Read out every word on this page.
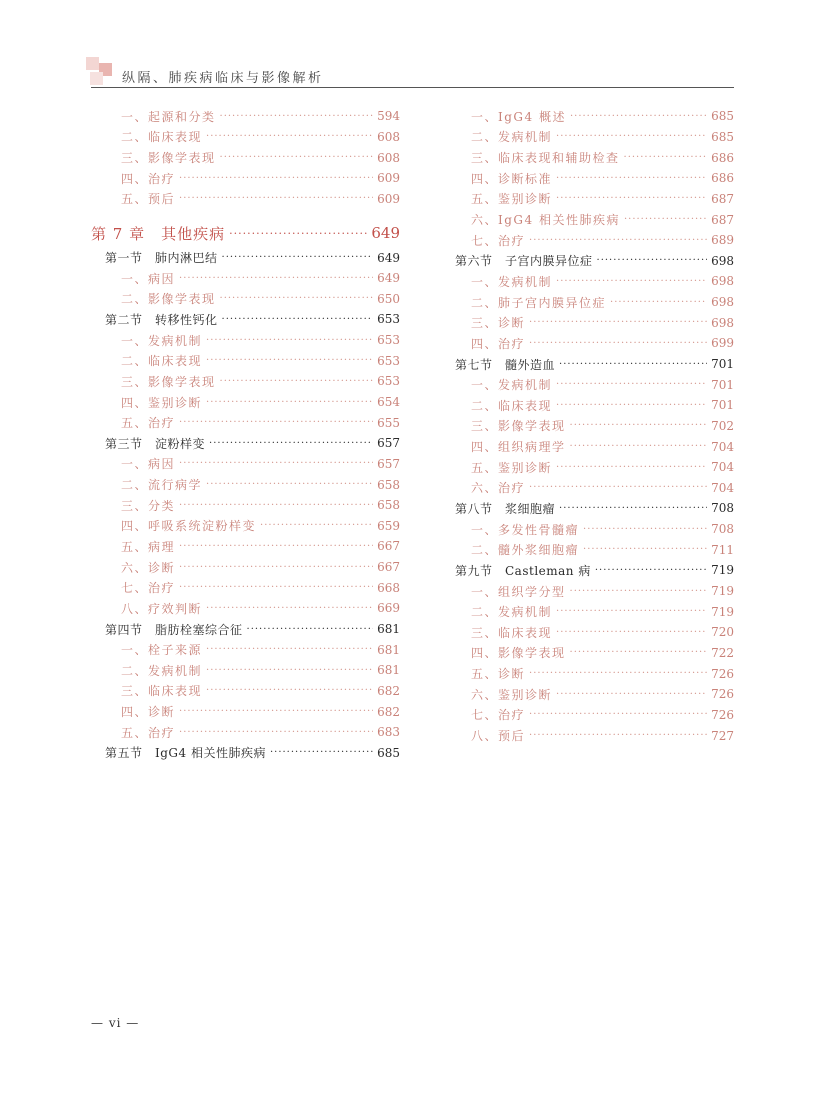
纵隔、肺疾病临床与影像解析
一、起源和分类 ·····	594
二、临床表现 ·····	608
三、影像学表现 ·····	608
四、治疗 ·····	609
五、预后 ·····	609
第 7 章　其他疾病 ·····	649
第一节　肺内淋巴结 ·····	649
一、病因 ·····	649
二、影像学表现 ·····	650
第二节　转移性钙化 ·····	653
一、发病机制 ·····	653
二、临床表现 ·····	653
三、影像学表现 ·····	653
四、鉴别诊断 ·····	654
五、治疗 ·····	655
第三节　淀粉样变 ·····	657
一、病因 ·····	657
二、流行病学 ·····	658
三、分类 ·····	658
四、呼吸系统淀粉样变 ·····	659
五、病理 ·····	667
六、诊断 ·····	667
七、治疗 ·····	668
八、疗效判断 ·····	669
第四节　脂肪栓塞综合征 ·····	681
一、栓子来源 ·····	681
二、发病机制 ·····	681
三、临床表现 ·····	682
四、诊断 ·····	682
五、治疗 ·····	683
第五节　IgG4 相关性肺疾病 ·····	685
一、IgG4 概述 ·····	685
二、发病机制 ·····	685
三、临床表现和辅助检查 ·····	686
四、诊断标准 ·····	686
五、鉴别诊断 ·····	687
六、IgG4 相关性肺疾病 ·····	687
七、治疗 ·····	689
第六节　子宫内膜异位症 ·····	698
一、发病机制 ·····	698
二、肺子宫内膜异位症 ·····	698
三、诊断 ·····	698
四、治疗 ·····	699
第七节　髓外造血 ·····	701
一、发病机制 ·····	701
二、临床表现 ·····	701
三、影像学表现 ·····	702
四、组织病理学 ·····	704
五、鉴别诊断 ·····	704
六、治疗 ·····	704
第八节　浆细胞瘤 ·····	708
一、多发性骨髓瘤 ·····	708
二、髓外浆细胞瘤 ·····	711
第九节　Castleman 病 ·····	719
一、组织学分型 ·····	719
二、发病机制 ·····	719
三、临床表现 ·····	720
四、影像学表现 ·····	722
五、诊断 ·····	726
六、鉴别诊断 ·····	726
七、治疗 ·····	726
八、预后 ·····	727
— vi —
